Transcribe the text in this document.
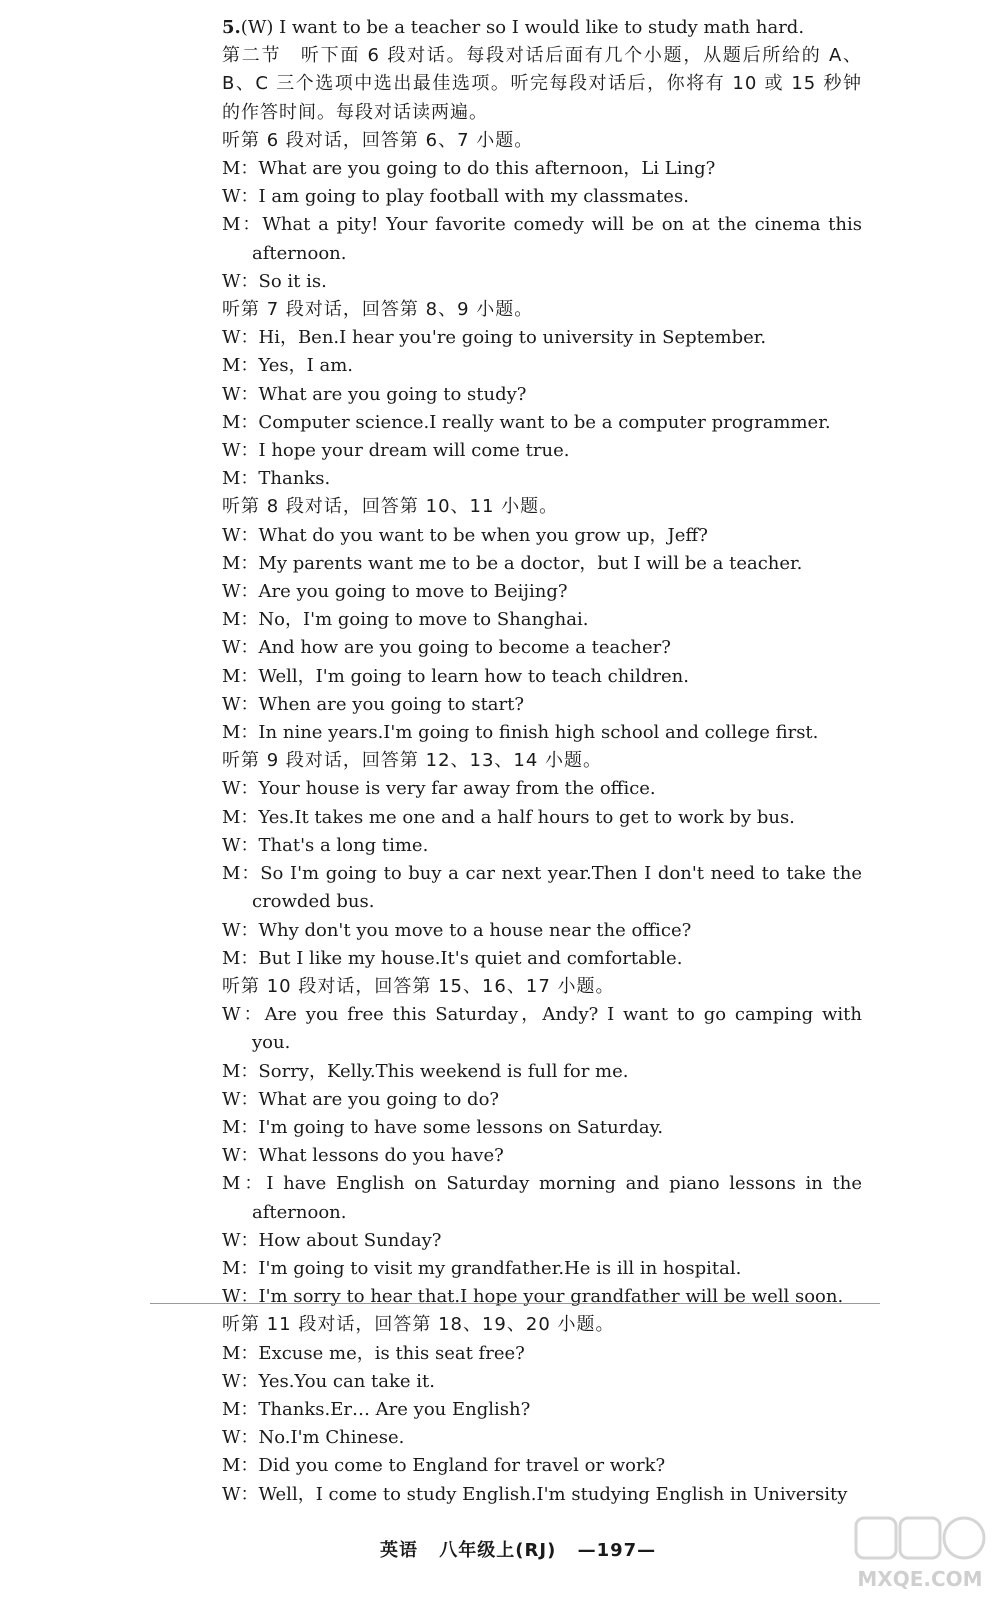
5.(W) I want to be a teacher so I would like to study math hard.
第二节　听下面 6 段对话。每段对话后面有几个小题，从题后所给的 A、B、C 三个选项中选出最佳选项。听完每段对话后，你将有 10 或 15 秒钟的作答时间。每段对话读两遍。
听第 6 段对话，回答第 6、7 小题。
M：What are you going to do this afternoon，Li Ling?
W：I am going to play football with my classmates.
M：What a pity! Your favorite comedy will be on at the cinema this afternoon.
W：So it is.
听第 7 段对话，回答第 8、9 小题。
W：Hi，Ben.I hear you're going to university in September.
M：Yes，I am.
W：What are you going to study?
M：Computer science.I really want to be a computer programmer.
W：I hope your dream will come true.
M：Thanks.
听第 8 段对话，回答第 10、11 小题。
W：What do you want to be when you grow up，Jeff?
M：My parents want me to be a doctor，but I will be a teacher.
W：Are you going to move to Beijing?
M：No，I'm going to move to Shanghai.
W：And how are you going to become a teacher?
M：Well，I'm going to learn how to teach children.
W：When are you going to start?
M：In nine years.I'm going to finish high school and college first.
听第 9 段对话，回答第 12、13、14 小题。
W：Your house is very far away from the office.
M：Yes.It takes me one and a half hours to get to work by bus.
W：That's a long time.
M：So I'm going to buy a car next year.Then I don't need to take the crowded bus.
W：Why don't you move to a house near the office?
M：But I like my house.It's quiet and comfortable.
听第 10 段对话，回答第 15、16、17 小题。
W：Are you free this Saturday，Andy? I want to go camping with you.
M：Sorry，Kelly.This weekend is full for me.
W：What are you going to do?
M：I'm going to have some lessons on Saturday.
W：What lessons do you have?
M：I have English on Saturday morning and piano lessons in the afternoon.
W：How about Sunday?
M：I'm going to visit my grandfather.He is ill in hospital.
W：I'm sorry to hear that.I hope your grandfather will be well soon.
听第 11 段对话，回答第 18、19、20 小题。
M：Excuse me，is this seat free?
W：Yes.You can take it.
M：Thanks.Er… Are you English?
W：No.I'm Chinese.
M：Did you come to England for travel or work?
W：Well，I come to study English.I'm studying English in University
英语 八年级上(RJ) —197—
MXQE.COM
